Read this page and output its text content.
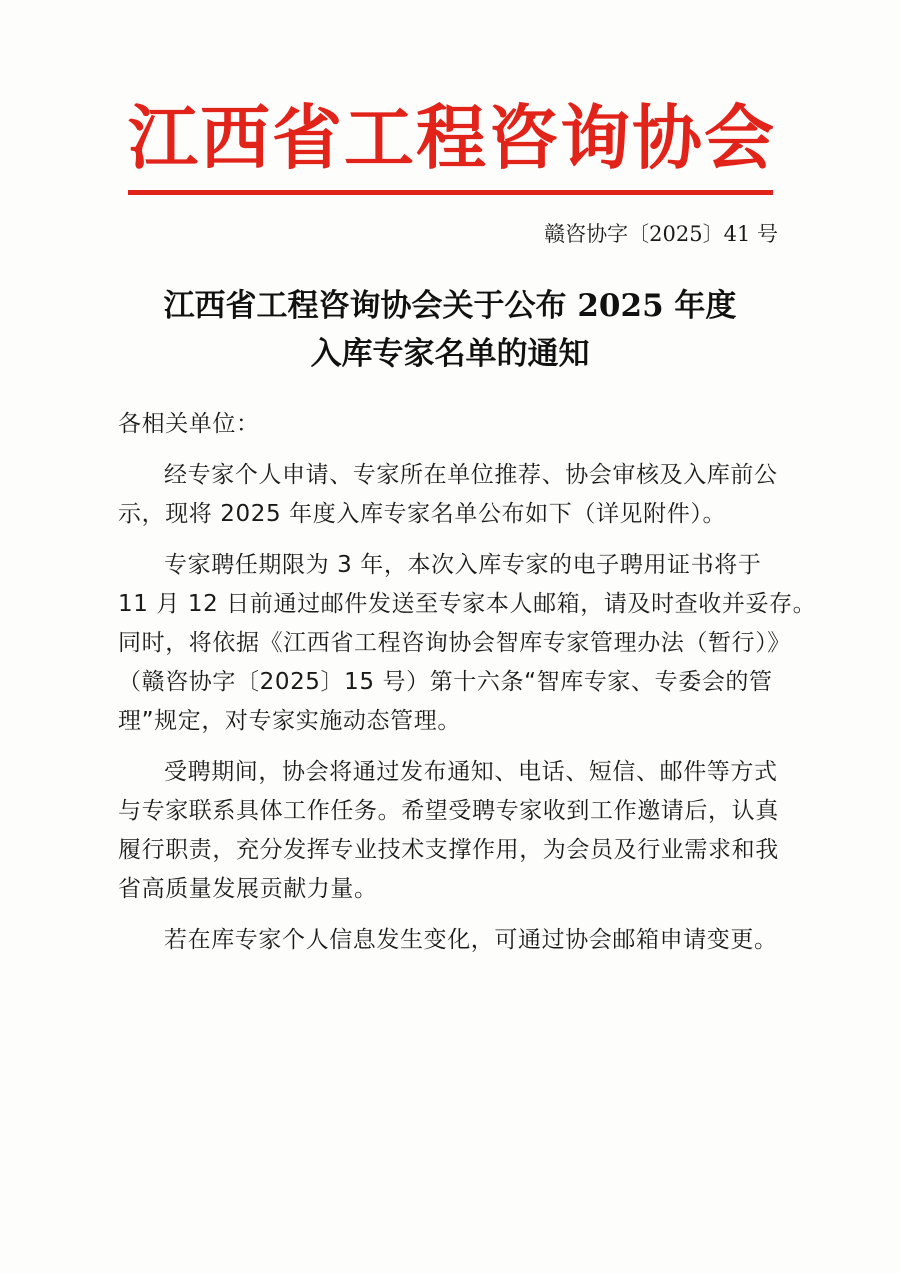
江西省工程咨询协会
赣咨协字〔2025〕41 号
江西省工程咨询协会关于公布 2025 年度
入库专家名单的通知

各相关单位：

经专家个人申请、专家所在单位推荐、协会审核及入库前公

示，现将 2025 年度入库专家名单公布如下（详见附件）。

专家聘任期限为 3 年，本次入库专家的电子聘用证书将于

11 月 12 日前通过邮件发送至专家本人邮箱，请及时查收并妥存。

同时，将依据《江西省工程咨询协会智库专家管理办法（暂行）》

（赣咨协字〔2025〕15 号）第十六条“智库专家、专委会的管

理”规定，对专家实施动态管理。

受聘期间，协会将通过发布通知、电话、短信、邮件等方式

与专家联系具体工作任务。希望受聘专家收到工作邀请后，认真

履行职责，充分发挥专业技术支撑作用，为会员及行业需求和我

省高质量发展贡献力量。

若在库专家个人信息发生变化，可通过协会邮箱申请变更。
